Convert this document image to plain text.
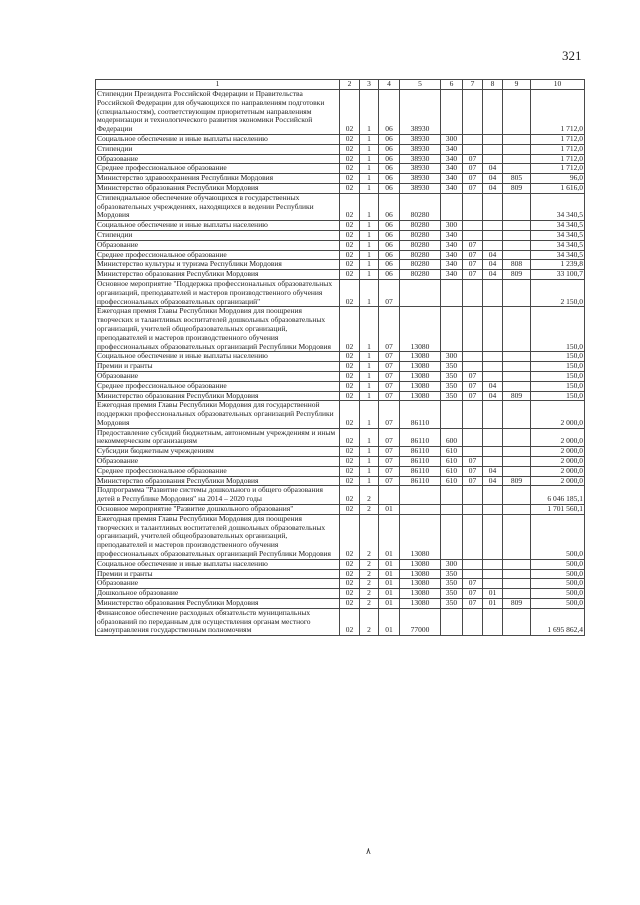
321
1	2	3	4	5	6	7	8	9	10
Стипендии Президента Российской Федерации и Правительства Российской Федерации для обучающихся по направлениям подготовки (специальностям), соответствующим приоритетным направлениям модернизации и технологического развития экономики Российской Федерации	02	1	06	38930					1 712,0
Социальное обеспечение и иные выплаты населению	02	1	06	38930	300				1 712,0
Стипендии	02	1	06	38930	340				1 712,0
Образование	02	1	06	38930	340	07			1 712,0
Среднее профессиональное образование	02	1	06	38930	340	07	04		1 712,0
Министерство здравоохранения Республики Мордовия	02	1	06	38930	340	07	04	805	96,0
Министерство образования Республики Мордовия	02	1	06	38930	340	07	04	809	1 616,0
Стипендиальное обеспечение обучающихся в государственных образовательных учреждениях, находящихся в ведении Республики Мордовия	02	1	06	80280					34 340,5
Социальное обеспечение и иные выплаты населению	02	1	06	80280	300				34 340,5
Стипендии	02	1	06	80280	340				34 340,5
Образование	02	1	06	80280	340	07			34 340,5
Среднее профессиональное образование	02	1	06	80280	340	07	04		34 340,5
Министерство культуры и туризма Республики Мордовия	02	1	06	80280	340	07	04	808	1 239,8
Министерство образования Республики Мордовия	02	1	06	80280	340	07	04	809	33 100,7
Основное мероприятие "Поддержка профессиональных образовательных организаций, преподавателей и мастеров производственного обучения профессиональных образовательных организаций"	02	1	07						2 150,0
Ежегодная премия Главы Республики Мордовия для поощрения творческих и талантливых воспитателей дошкольных образовательных организаций, учителей общеобразовательных организаций, преподавателей и мастеров производственного обучения профессиональных образовательных организаций Республики Мордовия	02	1	07	13080					150,0
Социальное обеспечение и иные выплаты населению	02	1	07	13080	300				150,0
Премии и гранты	02	1	07	13080	350				150,0
Образование	02	1	07	13080	350	07			150,0
Среднее профессиональное образование	02	1	07	13080	350	07	04		150,0
Министерство образования Республики Мордовия	02	1	07	13080	350	07	04	809	150,0
Ежегодная премия Главы Республики Мордовия для государственной поддержки профессиональных образовательных организаций Республики Мордовия	02	1	07	86110					2 000,0
Предоставление субсидий бюджетным, автономным учреждениям и иным некоммерческим организациям	02	1	07	86110	600				2 000,0
Субсидии бюджетным учреждениям	02	1	07	86110	610				2 000,0
Образование	02	1	07	86110	610	07			2 000,0
Среднее профессиональное образование	02	1	07	86110	610	07	04		2 000,0
Министерство образования Республики Мордовия	02	1	07	86110	610	07	04	809	2 000,0
Подпрограмма "Развитие системы дошкольного и общего образования детей в Республике Мордовия" на 2014 – 2020 годы	02	2							6 046 185,1
Основное мероприятие "Развитие дошкольного образования"	02	2	01						1 701 560,1
Ежегодная премия Главы Республики Мордовия для поощрения творческих и талантливых воспитателей дошкольных образовательных организаций, учителей общеобразовательных организаций, преподавателей и мастеров производственного обучения профессиональных образовательных организаций Республики Мордовия	02	2	01	13080					500,0
Социальное обеспечение и иные выплаты населению	02	2	01	13080	300				500,0
Премии и гранты	02	2	01	13080	350				500,0
Образование	02	2	01	13080	350	07			500,0
Дошкольное образование	02	2	01	13080	350	07	01		500,0
Министерство образования Республики Мордовия	02	2	01	13080	350	07	01	809	500,0
Финансовое обеспечение расходных обязательств муниципальных образований по переданным для осуществления органам местного самоуправления государственным полномочиям	02	2	01	77000					1 695 862,4
٨
